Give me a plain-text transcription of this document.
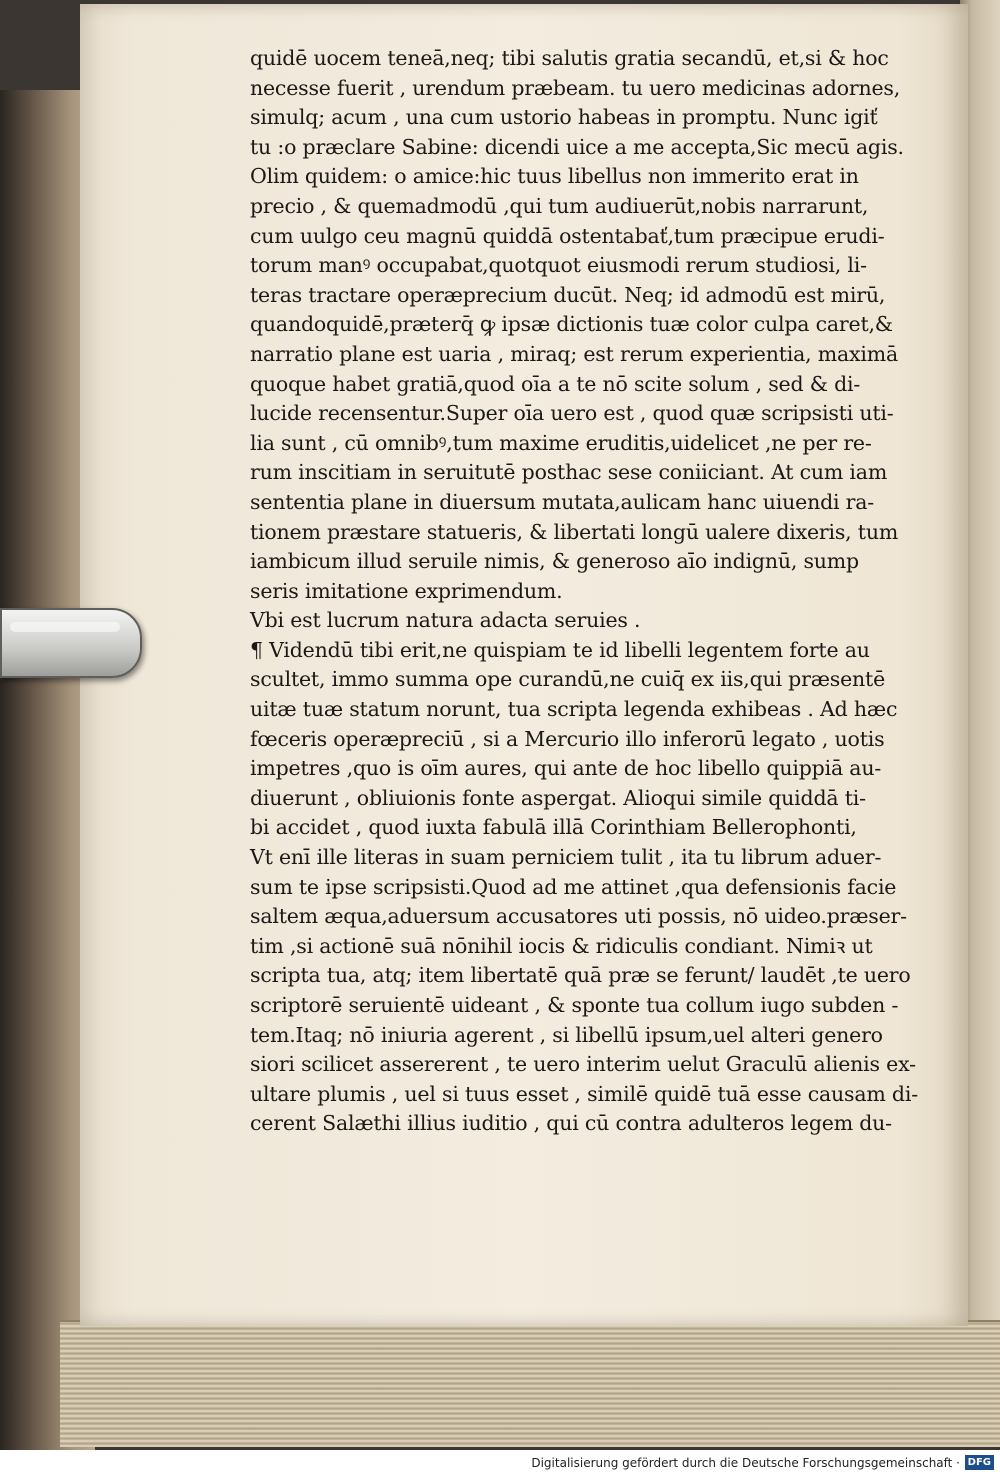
quidē uocem teneā,neq; tibi salutis gratia secandū, et,si & hoc
necesse fuerit , urendum præbeam. tu uero medicinas adornes,
simulq; acum , una cum ustorio habeas in promptu. Nunc igiť
tu :o præclare Sabine: dicendi uice a me accepta,Sic mecū agis.
Olim quidem: o amice:hic tuus libellus non immerito erat in
precio , & quemadmodū ,qui tum audiuerūt,nobis narrarunt,
cum uulgo ceu magnū quiddā ostentabať,tum præcipue erudi-
torum manꝰ occupabat,quotquot eiusmodi rerum studiosi, li-
teras tractare operæprecium ducūt. Neq; id admodū est mirū,
quandoquidē,præterq̄ ꝙ ipsæ dictionis tuæ color culpa caret,&
narratio plane est uaria , miraq; est rerum experientia, maximā
quoque habet gratiā,quod oīa a te nō scite solum , sed & di-
lucide recensentur.Super oīa uero est , quod quæ scripsisti uti-
lia sunt , cū omnibꝰ,tum maxime eruditis,uidelicet ,ne per re-
rum inscitiam in seruitutē posthac sese coniiciant. At cum iam
sententia plane in diuersum mutata,aulicam hanc uiuendi ra-
tionem præstare statueris, & libertati longū ualere dixeris, tum
iambicum illud seruile nimis, & generoso aīo indignū, sump
seris imitatione exprimendum.
Vbi est lucrum natura adacta seruies .
¶ Videndū tibi erit,ne quispiam te id libelli legentem forte au
scultet, immo summa ope curandū,ne cuiq̄ ex iis,qui præsentē
uitæ tuæ statum norunt, tua scripta legenda exhibeas . Ad hæc
fœceris operæpreciū , si a Mercurio illo inferorū legato , uotis
impetres ,quo is oīm aures, qui ante de hoc libello quippiā au-
diuerunt , obliuionis fonte aspergat. Alioqui simile quiddā ti-
bi accidet , quod iuxta fabulā illā Corinthiam Bellerophonti,
Vt enī ille literas in suam perniciem tulit , ita tu librum aduer-
sum te ipse scripsisti.Quod ad me attinet ,qua defensionis facie
saltem æqua,aduersum accusatores uti possis, nō uideo.præser-
tim ,si actionē suā nōnihil iocis & ridiculis condiant. Nimiꝛ ut
scripta tua, atq; item libertatē quā præ se ferunt/ laudēt ,te uero
scriptorē seruientē uideant , & sponte tua collum iugo subden -
tem.Itaq; nō iniuria agerent , si libellū ipsum,uel alteri genero
siori scilicet assererent , te uero interim uelut Graculū alienis ex-
ultare plumis , uel si tuus esset , similē quidē tuā esse causam di-
cerent Salæthi illius iuditio , qui cū contra adulteros legem du-
Digitalisierung gefördert durch die Deutsche Forschungsgemeinschaft · DFG
